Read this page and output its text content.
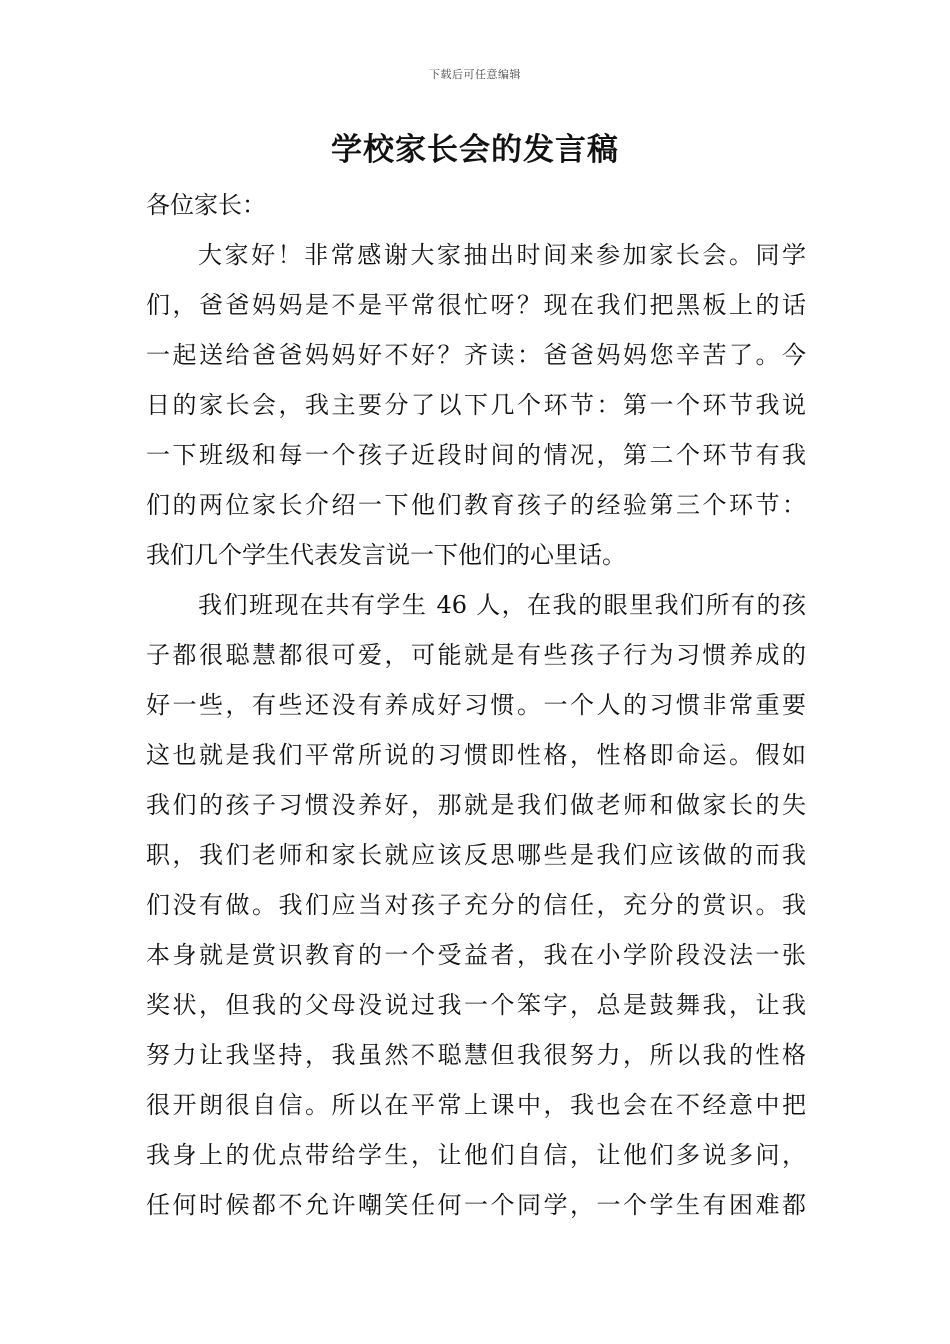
下载后可任意编辑
学校家长会的发言稿
各位家长：
大家好！非常感谢大家抽出时间来参加家长会。同学
们，爸爸妈妈是不是平常很忙呀？现在我们把黑板上的话
一起送给爸爸妈妈好不好？齐读：爸爸妈妈您辛苦了。今
日的家长会，我主要分了以下几个环节：第一个环节我说
一下班级和每一个孩子近段时间的情况，第二个环节有我
们的两位家长介绍一下他们教育孩子的经验第三个环节：
我们几个学生代表发言说一下他们的心里话。
我们班现在共有学生 46 人，在我的眼里我们所有的孩
子都很聪慧都很可爱，可能就是有些孩子行为习惯养成的
好一些，有些还没有养成好习惯。一个人的习惯非常重要
这也就是我们平常所说的习惯即性格，性格即命运。假如
我们的孩子习惯没养好，那就是我们做老师和做家长的失
职，我们老师和家长就应该反思哪些是我们应该做的而我
们没有做。我们应当对孩子充分的信任，充分的赏识。我
本身就是赏识教育的一个受益者，我在小学阶段没法一张
奖状，但我的父母没说过我一个笨字，总是鼓舞我，让我
努力让我坚持，我虽然不聪慧但我很努力，所以我的性格
很开朗很自信。所以在平常上课中，我也会在不经意中把
我身上的优点带给学生，让他们自信，让他们多说多问，
任何时候都不允许嘲笑任何一个同学，一个学生有困难都
